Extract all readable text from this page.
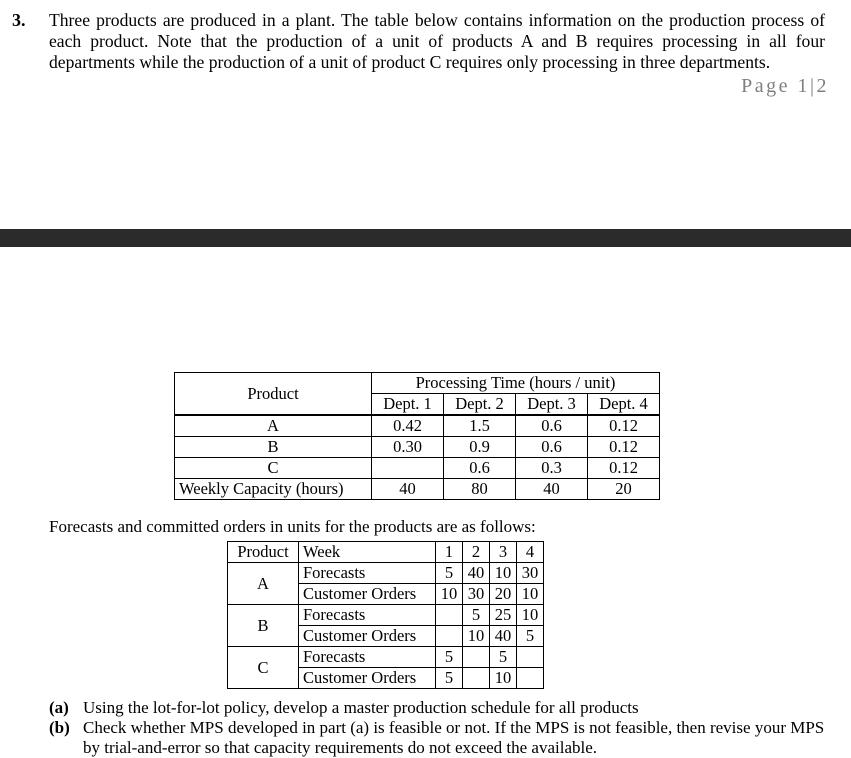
3. Three products are produced in a plant. The table below contains information on the production process of each product. Note that the production of a unit of products A and B requires processing in all four departments while the production of a unit of product C requires only processing in three departments.
Page 1|2
Product	Processing Time (hours / unit)			
	Dept. 1	Dept. 2	Dept. 3	Dept. 4
A	0.42	1.5	0.6	0.12
B	0.30	0.9	0.6	0.12
C		0.6	0.3	0.12
Weekly Capacity (hours)	40	80	40	20
Forecasts and committed orders in units for the products are as follows:
Product	Week	1	2	3	4
A	Forecasts	5	40	10	30
	Customer Orders	10	30	20	10
B	Forecasts		5	25	10
	Customer Orders		10	40	5
C	Forecasts	5		5	
	Customer Orders	5		10	
(a) Using the lot-for-lot policy, develop a master production schedule for all products
(b) Check whether MPS developed in part (a) is feasible or not. If the MPS is not feasible, then revise your MPS by trial-and-error so that capacity requirements do not exceed the available.
